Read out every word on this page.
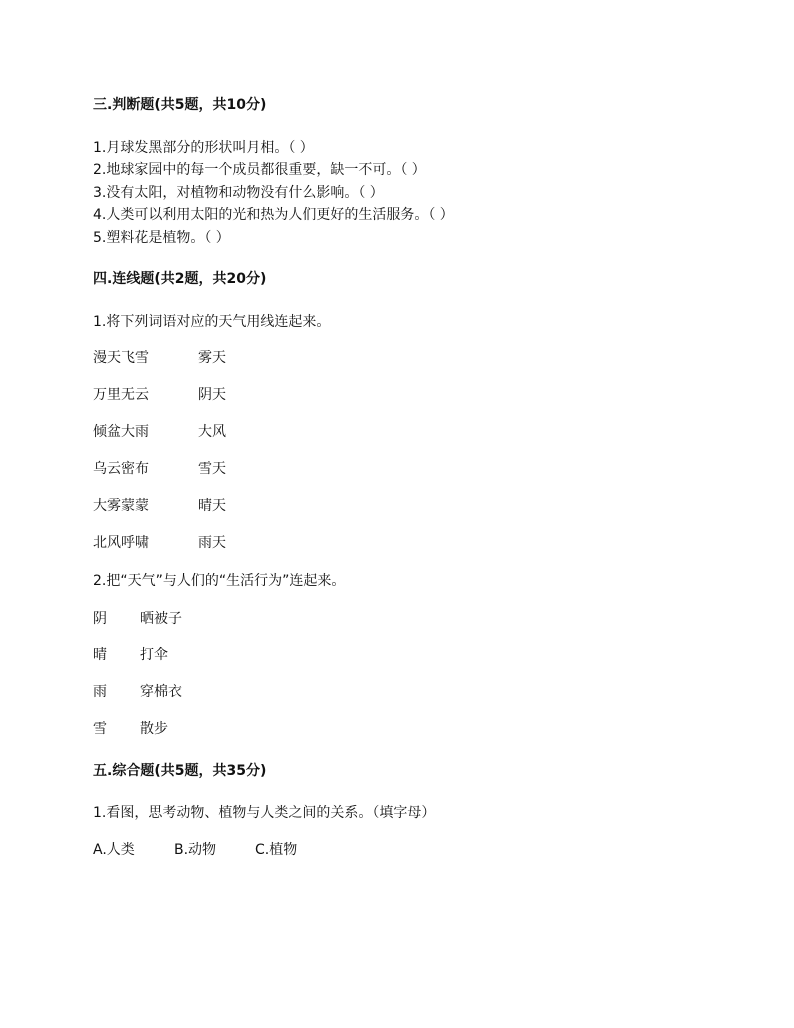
三.判断题(共5题，共10分)
1.月球发黑部分的形状叫月相。（ ）
2.地球家园中的每一个成员都很重要，缺一不可。（ ）
3.没有太阳，对植物和动物没有什么影响。（ ）
4.人类可以利用太阳的光和热为人们更好的生活服务。（ ）
5.塑料花是植物。（ ）
四.连线题(共2题，共20分)
1.将下列词语对应的天气用线连起来。
漫天飞雪	雾天
万里无云	阴天
倾盆大雨	大风
乌云密布	雪天
大雾蒙蒙	晴天
北风呼啸	雨天
2.把“天气”与人们的“生活行为”连起来。
阴 晒被子
晴 打伞
雨 穿棉衣
雪 散步
五.综合题(共5题，共35分)
1.看图，思考动物、植物与人类之间的关系。（填字母）
A.人类	B.动物	C.植物
